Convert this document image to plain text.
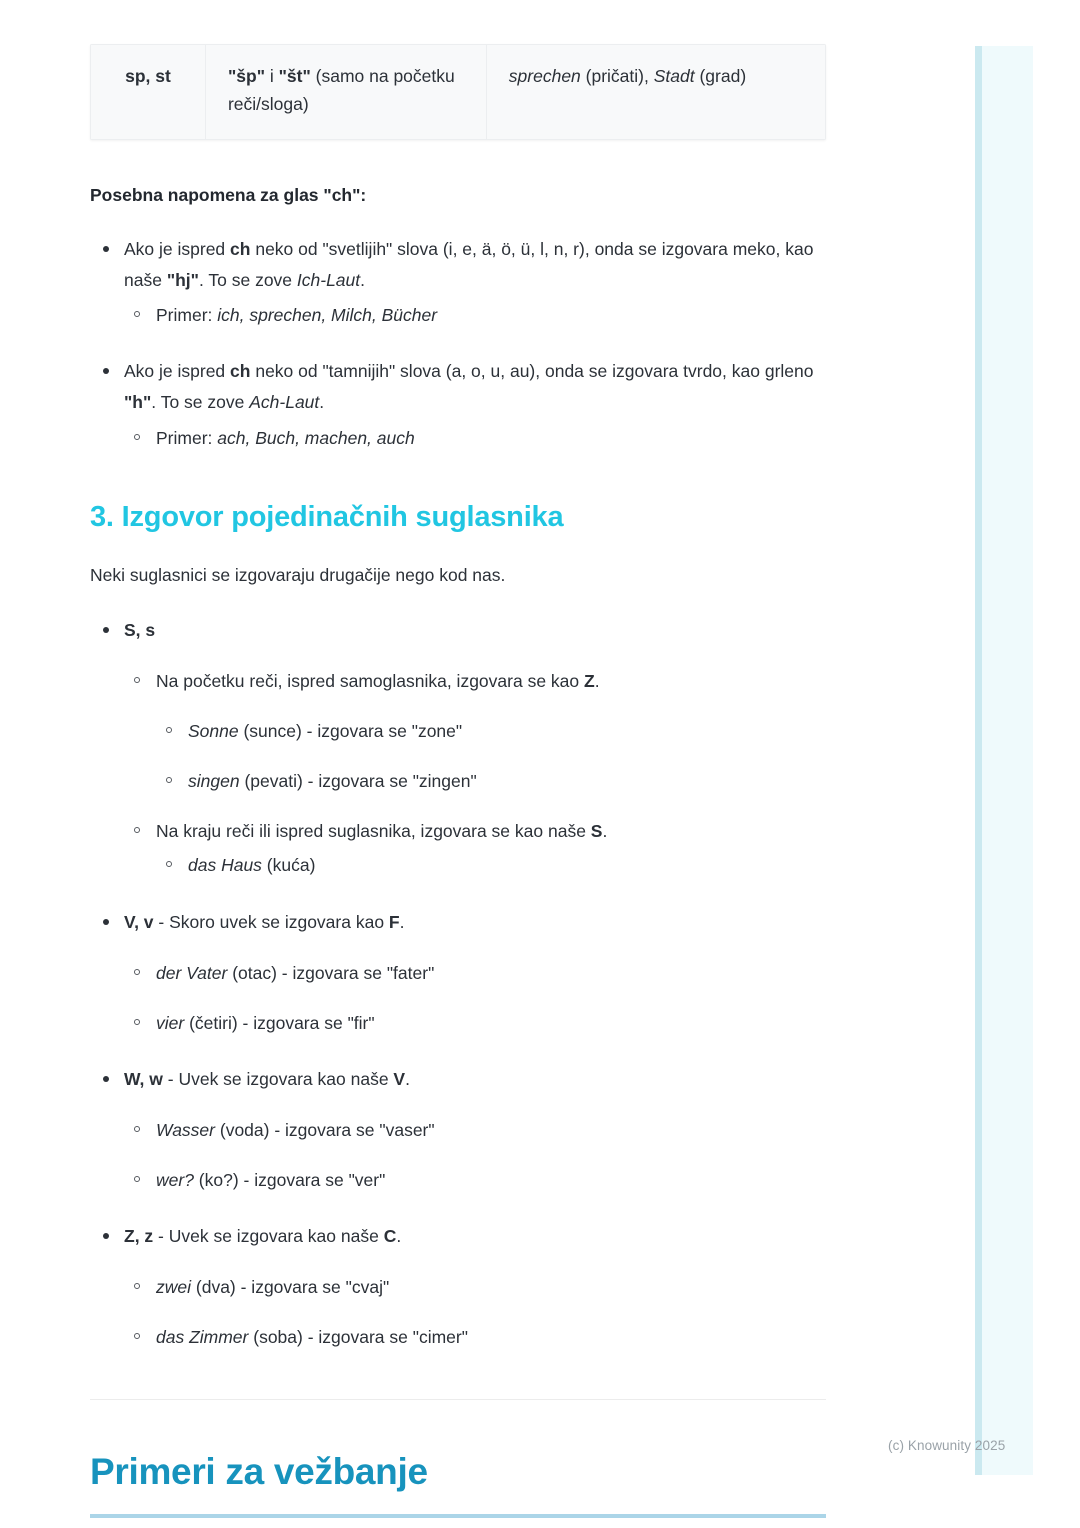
sp, st	"šp" i "št" (samo na početku reči/sloga)	sprechen (pričati), Stadt (grad)
Posebna napomena za glas "ch":
Ako je ispred ch neko od "svetlijih" slova (i, e, ä, ö, ü, l, n, r), onda se izgovara meko, kao naše "hj". To se zove Ich-Laut.
Primer: ich, sprechen, Milch, Bücher
Ako je ispred ch neko od "tamnijih" slova (a, o, u, au), onda se izgovara tvrdo, kao grleno "h". To se zove Ach-Laut.
Primer: ach, Buch, machen, auch
3. Izgovor pojedinačnih suglasnika

Neki suglasnici se izgovaraju drugačije nego kod nas.

S, s
Na početku reči, ispred samoglasnika, izgovara se kao Z.
Sonne (sunce) - izgovara se "zone"
singen (pevati) - izgovara se "zingen"
Na kraju reči ili ispred suglasnika, izgovara se kao naše S.
das Haus (kuća)
V, v - Skoro uvek se izgovara kao F.
der Vater (otac) - izgovara se "fater"
vier (četiri) - izgovara se "fir"
W, w - Uvek se izgovara kao naše V.
Wasser (voda) - izgovara se "vaser"
wer? (ko?) - izgovara se "ver"
Z, z - Uvek se izgovara kao naše C.
zwei (dva) - izgovara se "cvaj"
das Zimmer (soba) - izgovara se "cimer"
Primeri za vežbanje
(c) Knowunity 2025
